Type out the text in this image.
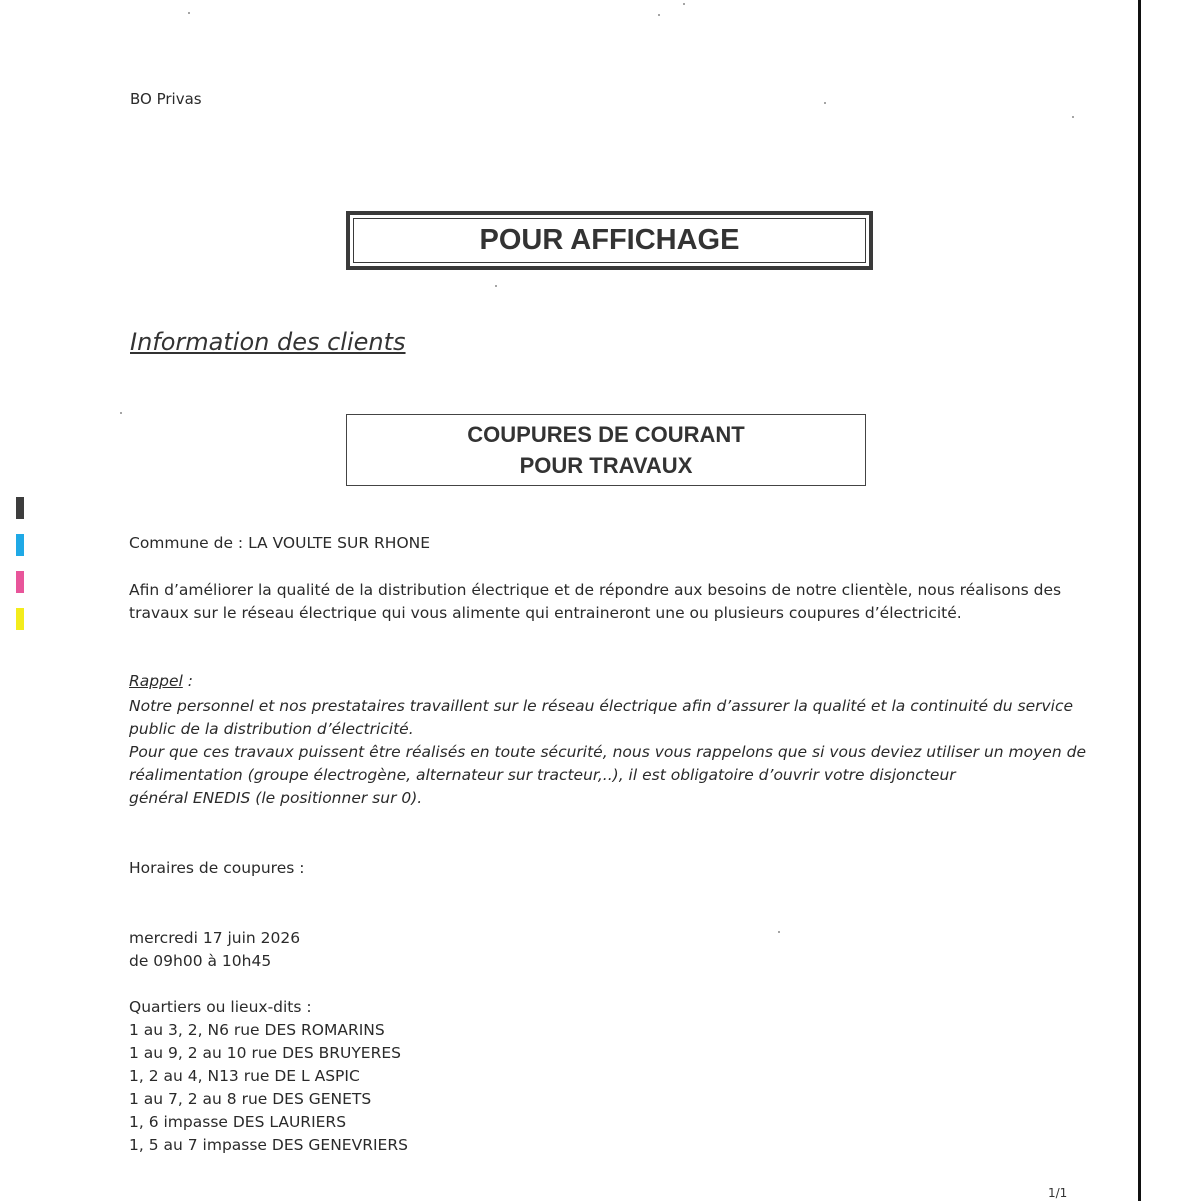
BO Privas
POUR AFFICHAGE
Information des clients
COUPURES DE COURANT
POUR TRAVAUX
Commune de : LA VOULTE SUR RHONE
Afin d’améliorer la qualité de la distribution électrique et de répondre aux besoins de notre clientèle, nous réalisons des
travaux sur le réseau électrique qui vous alimente qui entraineront une ou plusieurs coupures d’électricité.
Rappel :
Notre personnel et nos prestataires travaillent sur le réseau électrique afin d’assurer la qualité et la continuité du service
public de la distribution d’électricité.
Pour que ces travaux puissent être réalisés en toute sécurité, nous vous rappelons que si vous deviez utiliser un moyen de
réalimentation (groupe électrogène, alternateur sur tracteur,..), il est obligatoire d’ouvrir votre disjoncteur
général ENEDIS (le positionner sur 0).
Horaires de coupures :
mercredi 17 juin 2026
de 09h00 à 10h45
Quartiers ou lieux-dits :
1 au 3, 2, N6 rue DES ROMARINS
1 au 9, 2 au 10 rue DES BRUYERES
1, 2 au 4, N13 rue DE L ASPIC
1 au 7, 2 au 8 rue DES GENETS
1, 6 impasse DES LAURIERS
1, 5 au 7 impasse DES GENEVRIERS
1/1
